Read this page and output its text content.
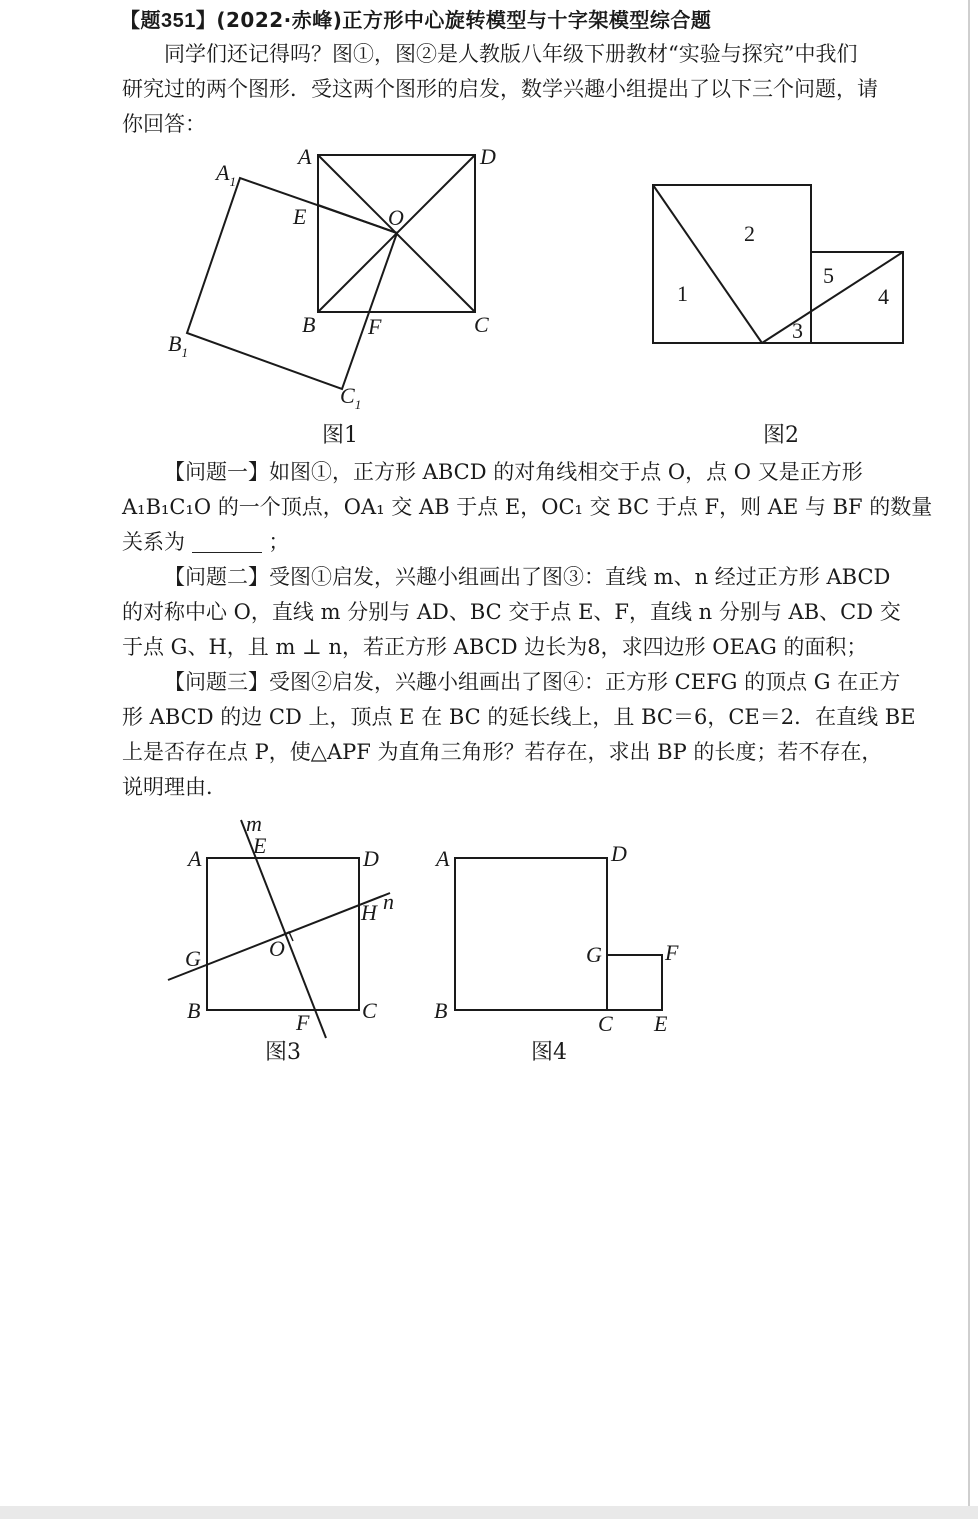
【题351】(2022·赤峰)正方形中心旋转模型与十字架模型综合题
同学们还记得吗？图①，图②是人教版八年级下册教材“实验与探究”中我们
研究过的两个图形．受这两个图形的启发，数学兴趣小组提出了以下三个问题，请
你回答：
A	D
E	O
B F	C
$A_1$
$B_1$
$C_1$
图1
1
2
3
4
5
图2
【问题一】如图①，正方形 ABCD 的对角线相交于点 O，点 O 又是正方形
A₁B₁C₁O 的一个顶点，OA₁ 交 AB 于点 E，OC₁ 交 BC 于点 F，则 AE 与 BF 的数量
关系为	；
【问题二】受图①启发，兴趣小组画出了图③：直线 m、n 经过正方形 ABCD
的对称中心 O，直线 m 分别与 AD、BC 交于点 E、F，直线 n 分别与 AB、CD 交
于点 G、H，且 m ⊥ n，若正方形 ABCD 边长为8，求四边形 OEAG 的面积；
【问题三】受图②启发，兴趣小组画出了图④：正方形 CEFG 的顶点 G 在正方
形 ABCD 的边 CD 上，顶点 E 在 BC 的延长线上，且 BC＝6，CE＝2．在直线 BE
上是否存在点 P，使△APF 为直角三角形？若存在，求出 BP 的长度；若不存在，
说明理由．
m
n
A
E
D
H
G	O
B	F C
图3
A	D
G	F
B
C E
图4
